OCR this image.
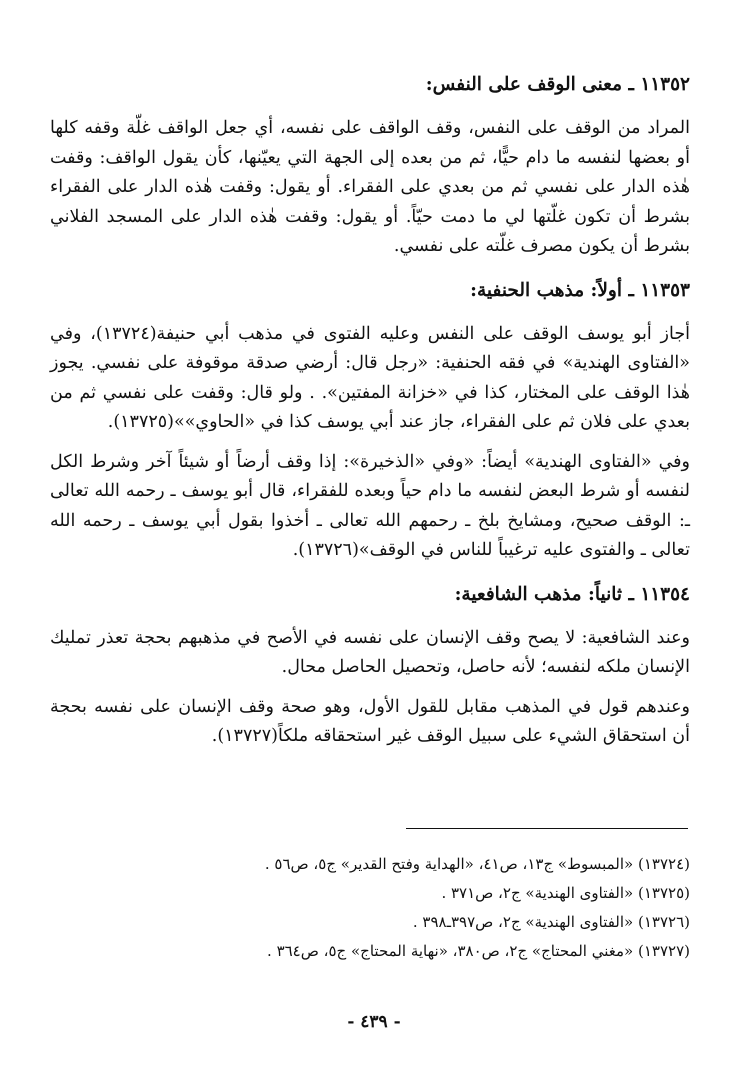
١١٣٥٢ ـ معنى الوقف على النفس:

المراد من الوقف على النفس، وقف الواقف على نفسه، أي جعل الواقف غلّة وقفه كلها أو بعضها لنفسه ما دام حيًّا، ثم من بعده إلى الجهة التي يعيّنها، كأن يقول الواقف: وقفت هٰذه الدار على نفسي ثم من بعدي على الفقراء. أو يقول: وقفت هٰذه الدار على الفقراء بشرط أن تكون غلّتها لي ما دمت حيّاً. أو يقول: وقفت هٰذه الدار على المسجد الفلاني بشرط أن يكون مصرف غلّته على نفسي.

١١٣٥٣ ـ أولاً: مذهب الحنفية:

أجاز أبو يوسف الوقف على النفس وعليه الفتوى في مذهب أبي حنيفة(١٣٧٢٤)، وفي «الفتاوى الهندية» في فقه الحنفية: «رجل قال: أرضي صدقة موقوفة على نفسي. يجوز هٰذا الوقف على المختار، كذا في «خزانة المفتين». . ولو قال: وقفت على نفسي ثم من بعدي على فلان ثم على الفقراء، جاز عند أبي يوسف كذا في «الحاوي»»(١٣٧٢٥).

وفي «الفتاوى الهندية» أيضاً: «وفي «الذخيرة»: إذا وقف أرضاً أو شيئاً آخر وشرط الكل لنفسه أو شرط البعض لنفسه ما دام حياً وبعده للفقراء، قال أبو يوسف ـ رحمه الله تعالى ـ: الوقف صحيح، ومشايخ بلخ ـ رحمهم الله تعالى ـ أخذوا بقول أبي يوسف ـ رحمه الله تعالى ـ والفتوى عليه ترغيباً للناس في الوقف»(١٣٧٢٦).

١١٣٥٤ ـ ثانياً: مذهب الشافعية:

وعند الشافعية: لا يصح وقف الإنسان على نفسه في الأصح في مذهبهم بحجة تعذر تمليك الإنسان ملكه لنفسه؛ لأنه حاصل، وتحصيل الحاصل محال.

وعندهم قول في المذهب مقابل للقول الأول، وهو صحة وقف الإنسان على نفسه بحجة أن استحقاق الشيء على سبيل الوقف غير استحقاقه ملكاً(١٣٧٢٧).

(١٣٧٢٤) «المبسوط» ج١٣، ص٤١، «الهداية وفتح القدير» ج٥، ص٥٦ .

(١٣٧٢٥) «الفتاوى الهندية» ج٢، ص٣٧١ .

(١٣٧٢٦) «الفتاوى الهندية» ج٢، ص٣٩٧ـ٣٩٨ .

(١٣٧٢٧) «مغني المحتاج» ج٢، ص٣٨٠، «نهاية المحتاج» ج٥، ص٣٦٤ .

- ٤٣٩ -
